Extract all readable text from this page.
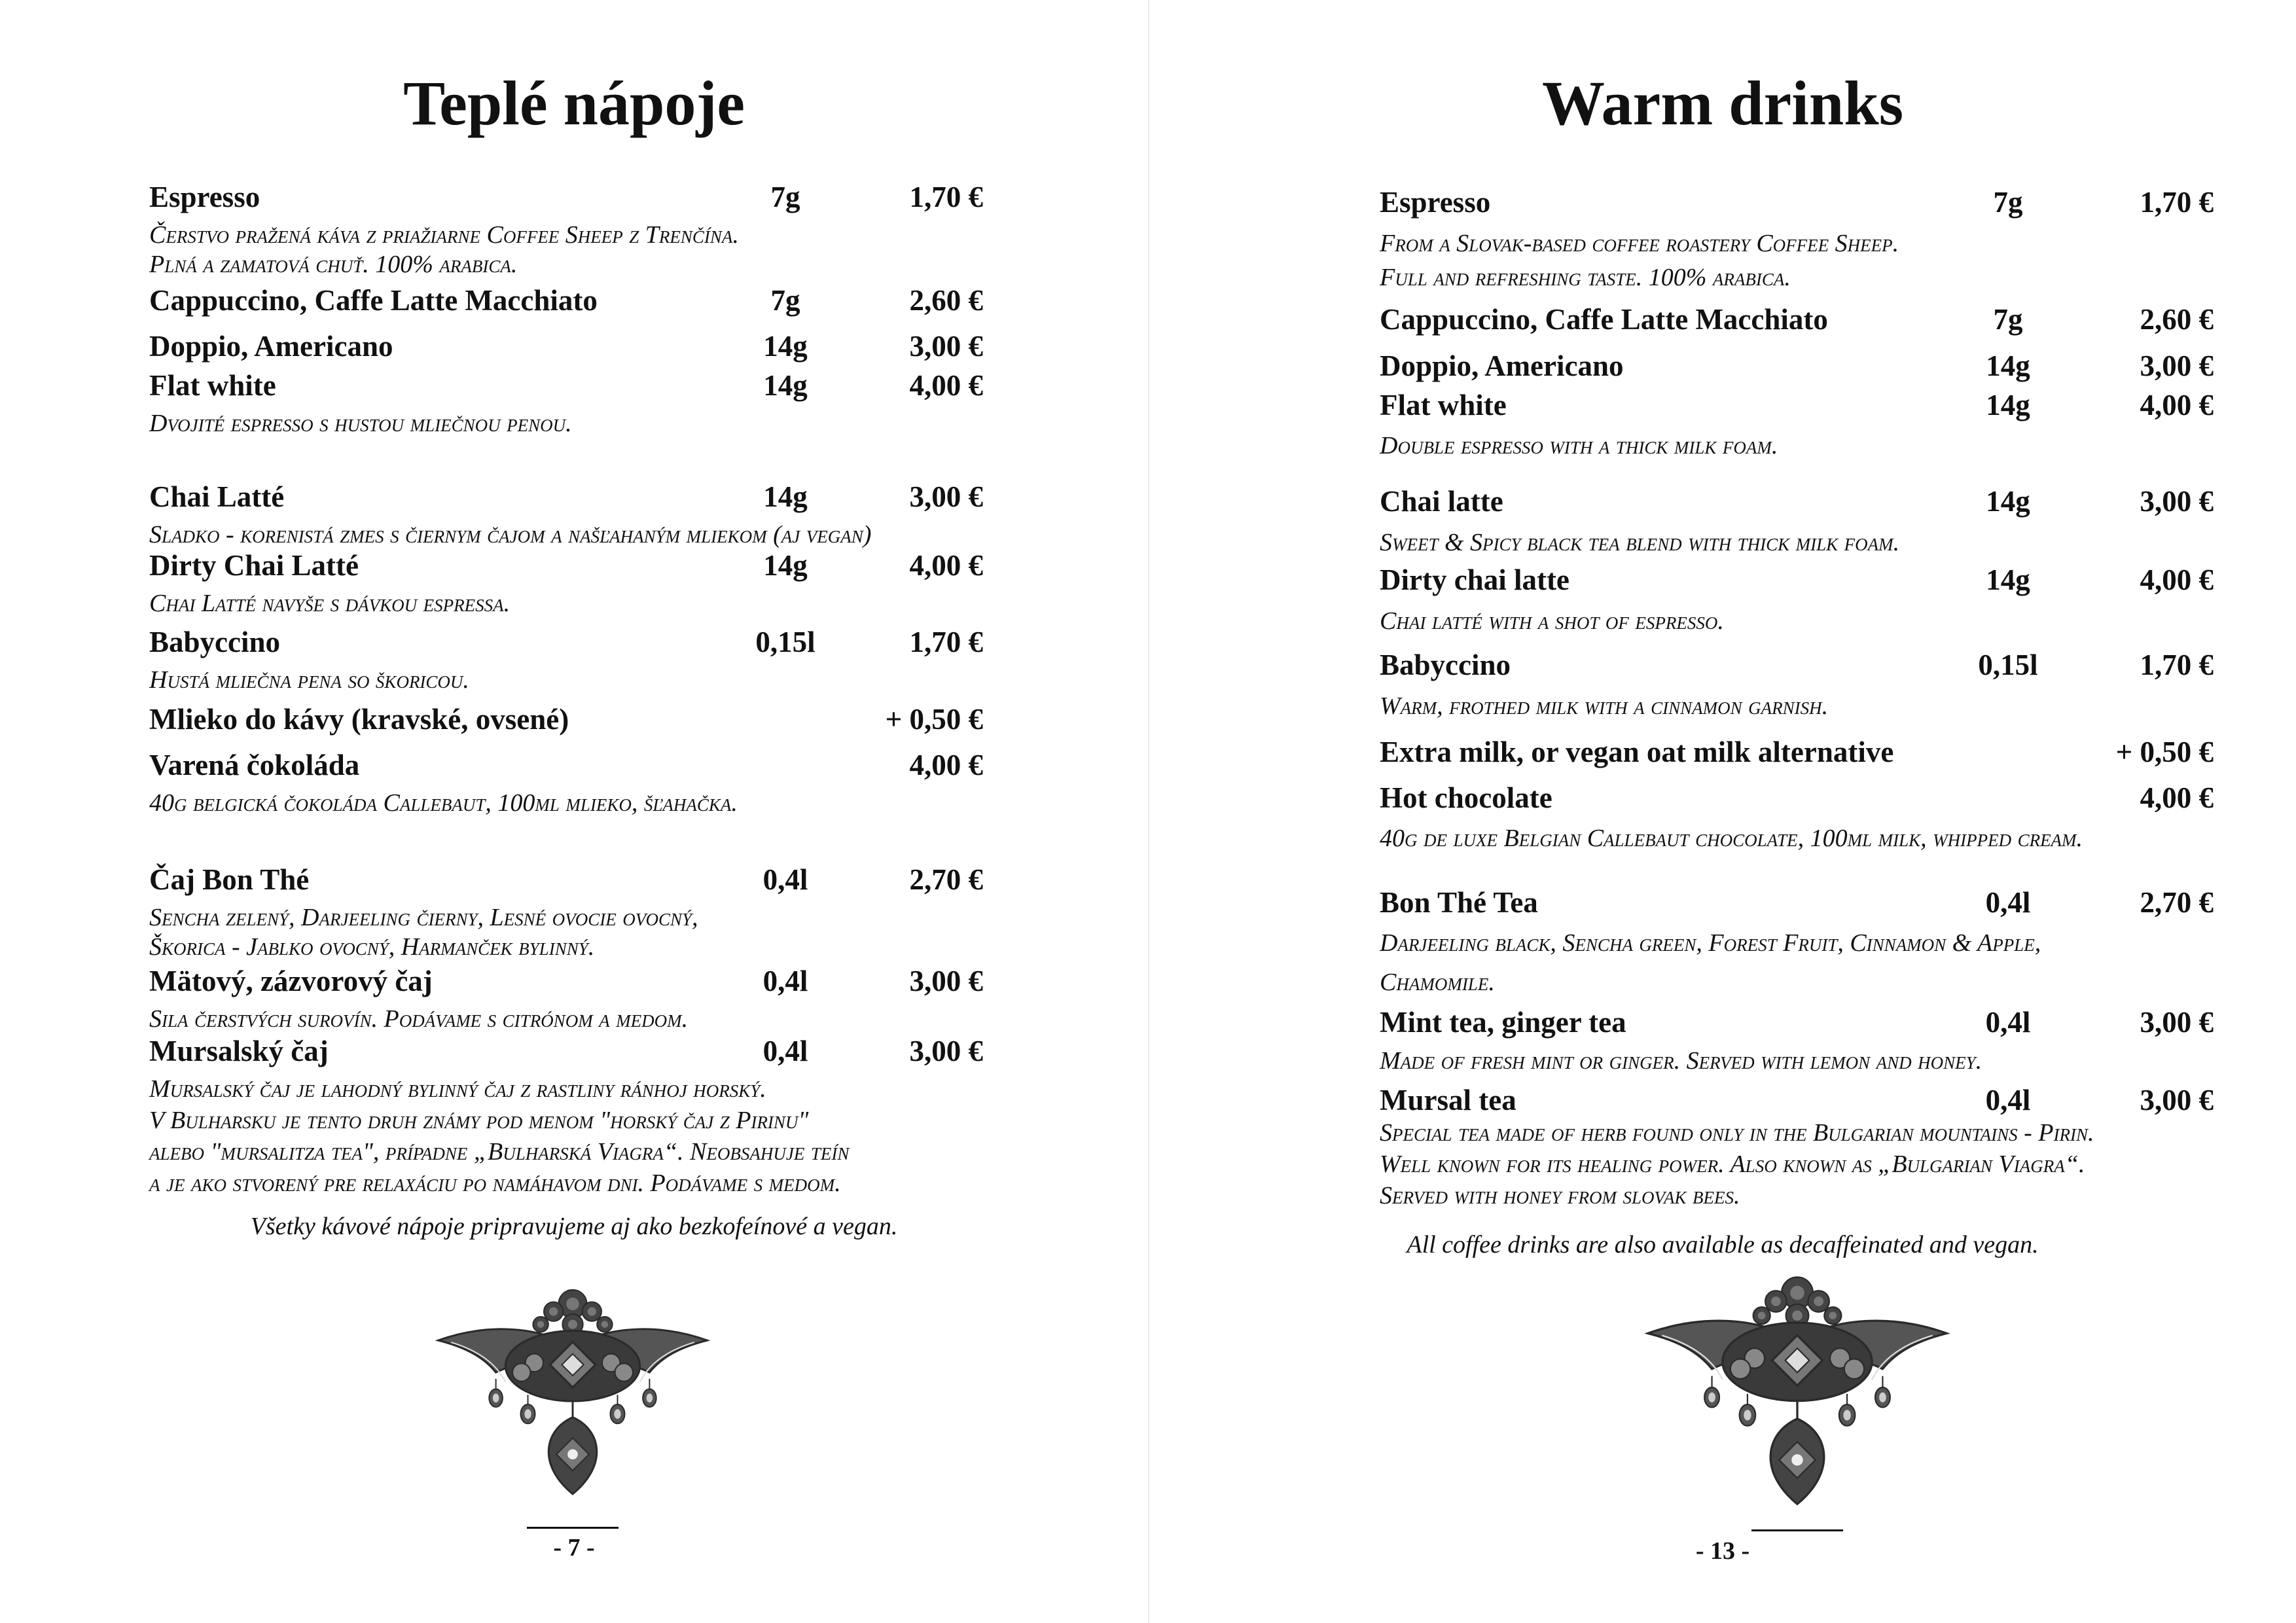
Teplé nápoje
Espresso	7g	1,70 €
Čerstvo pražená káva z priažiarne Coffee Sheep z Trenčína.
Plná a zamatová chuť. 100% arabica.
Cappuccino, Caffe Latte Macchiato	7g	2,60 €
Doppio, Americano	14g	3,00 €
Flat white	14g	4,00 €
Dvojité espresso s hustou mliečnou penou.
Chai Latté	14g	3,00 €
Sladko - korenistá zmes s čiernym čajom a našľahaným mliekom (aj vegan)
Dirty Chai Latté	14g	4,00 €
Chai Latté navyše s dávkou espressa.
Babyccino	0,15l	1,70 €
Hustá mliečna pena so škoricou.
Mlieko do kávy (kravské, ovsené)	+ 0,50 €
Varená čokoláda	4,00 €
40g belgická čokoláda Callebaut, 100ml mlieko, šľahačka.
Čaj Bon Thé	0,4l	2,70 €
Sencha zelený, Darjeeling čierny, Lesné ovocie ovocný,
Škorica - Jablko ovocný, Harmanček bylinný.
Mätový, zázvorový čaj	0,4l	3,00 €
Sila čerstvých surovín. Podávame s citrónom a medom.
Mursalský čaj	0,4l	3,00 €
Mursalský čaj je lahodný bylinný čaj z rastliny ránhoj horský.
V Bulharsku je tento druh známy pod menom "horský čaj z Pirinu"
alebo "mursalitza tea", prípadne „Bulharská Viagra“. Neobsahuje teín
a je ako stvorený pre relaxáciu po namáhavom dni. Podávame s medom.
Všetky kávové nápoje pripravujeme aj ako bezkofeínové a vegan.
- 7 -
Warm drinks
Espresso	7g	1,70 €
From a Slovak-based coffee roastery Coffee Sheep.
Full and refreshing taste. 100% arabica.
Cappuccino, Caffe Latte Macchiato	7g	2,60 €
Doppio, Americano	14g	3,00 €
Flat white	14g	4,00 €
Double espresso with a thick milk foam.
Chai latte	14g	3,00 €
Sweet & Spicy black tea blend with thick milk foam.
Dirty chai latte	14g	4,00 €
Chai latté with a shot of espresso.
Babyccino	0,15l	1,70 €
Warm, frothed milk with a cinnamon garnish.
Extra milk, or vegan oat milk alternative	+ 0,50 €
Hot chocolate	4,00 €
40g de luxe Belgian Callebaut chocolate, 100ml milk, whipped cream.
Bon Thé Tea	0,4l	2,70 €
Darjeeling black, Sencha green, Forest Fruit, Cinnamon & Apple,
Chamomile.
Mint tea, ginger tea	0,4l	3,00 €
Made of fresh mint or ginger. Served with lemon and honey.
Mursal tea	0,4l	3,00 €
Special tea made of herb found only in the Bulgarian mountains - Pirin.
Well known for its healing power. Also known as „Bulgarian Viagra“.
Served with honey from slovak bees.
All coffee drinks are also available as decaffeinated and vegan.
- 13 -
